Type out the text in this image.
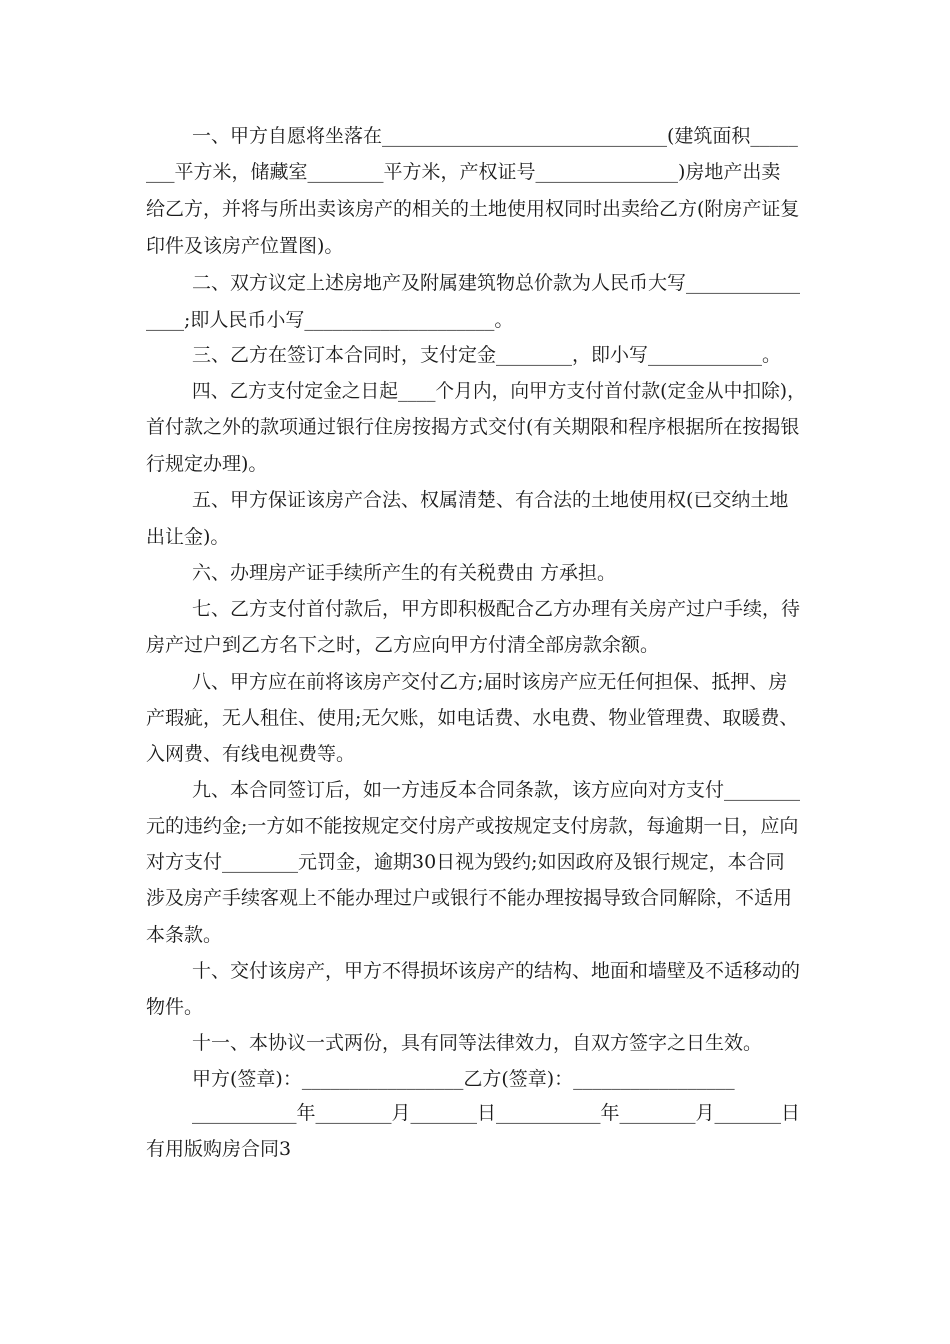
一、甲方自愿将坐落在______________________________(建筑面积_____
___平方米，储藏室________平方米，产权证号_______________)房地产出卖
给乙方，并将与所出卖该房产的相关的土地使用权同时出卖给乙方(附房产证复
印件及该房产位置图)。
二、双方议定上述房地产及附属建筑物总价款为人民币大写____________
____;即人民币小写____________________。
三、乙方在签订本合同时，支付定金________，即小写____________。
四、乙方支付定金之日起____个月内，向甲方支付首付款(定金从中扣除)，
首付款之外的款项通过银行住房按揭方式交付(有关期限和程序根据所在按揭银
行规定办理)。
五、甲方保证该房产合法、权属清楚、有合法的土地使用权(已交纳土地
出让金)。
六、办理房产证手续所产生的有关税费由 方承担。
七、乙方支付首付款后，甲方即积极配合乙方办理有关房产过户手续，待
房产过户到乙方名下之时，乙方应向甲方付清全部房款余额。
八、甲方应在前将该房产交付乙方;届时该房产应无任何担保、抵押、房
产瑕疵，无人租住、使用;无欠账，如电话费、水电费、物业管理费、取暖费、
入网费、有线电视费等。
九、本合同签订后，如一方违反本合同条款，该方应向对方支付________
元的违约金;一方如不能按规定交付房产或按规定支付房款，每逾期一日，应向
对方支付________元罚金，逾期30日视为毁约;如因政府及银行规定，本合同
涉及房产手续客观上不能办理过户或银行不能办理按揭导致合同解除，不适用
本条款。
十、交付该房产，甲方不得损坏该房产的结构、地面和墙壁及不适移动的
物件。
十一、本协议一式两份，具有同等法律效力，自双方签字之日生效。
甲方(签章)：_________________乙方(签章)：_________________
___________年________月_______日___________年________月_______日
有用版购房合同3
